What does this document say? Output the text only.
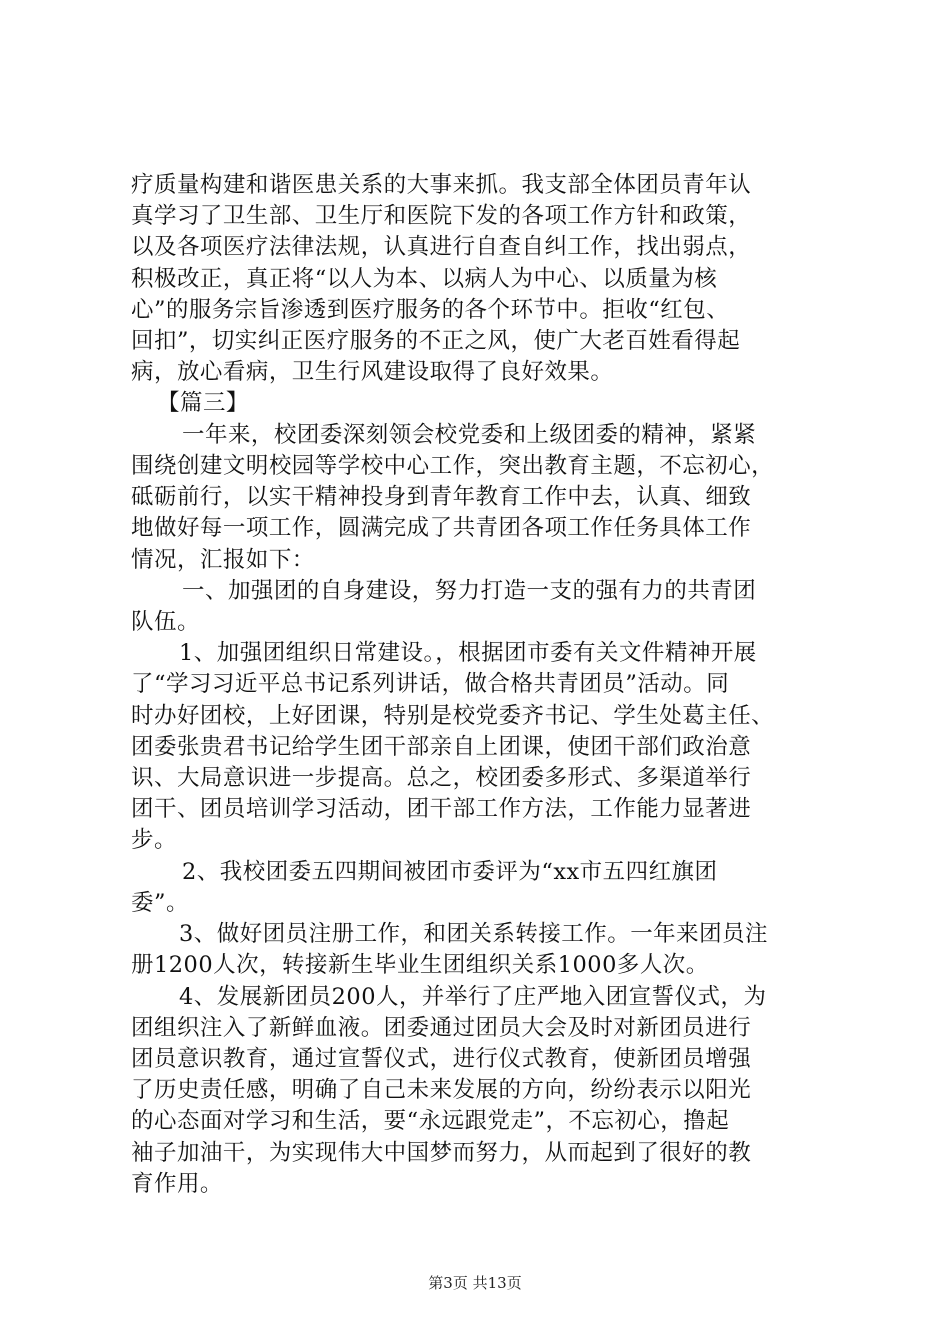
疗质量构建和谐医患关系的大事来抓。我支部全体团员青年认
真学习了卫生部、卫生厅和医院下发的各项工作方针和政策，
以及各项医疗法律法规，认真进行自查自纠工作，找出弱点，
积极改正，真正将“以人为本、以病人为中心、以质量为核
心”的服务宗旨渗透到医疗服务的各个环节中。拒收“红包、
回扣”，切实纠正医疗服务的不正之风，使广大老百姓看得起
病，放心看病，卫生行风建设取得了良好效果。
【篇三】
一年来，校团委深刻领会校党委和上级团委的精神，紧紧
围绕创建文明校园等学校中心工作，突出教育主题，不忘初心，
砥砺前行，以实干精神投身到青年教育工作中去，认真、细致
地做好每一项工作，圆满完成了共青团各项工作任务具体工作
情况，汇报如下：
一、加强团的自身建设，努力打造一支的强有力的共青团
队伍。
1、加强团组织日常建设。，根据团市委有关文件精神开展
了“学习习近平总书记系列讲话，做合格共青团员”活动。同
时办好团校，上好团课，特别是校党委齐书记、学生处葛主任、
团委张贵君书记给学生团干部亲自上团课，使团干部们政治意
识、大局意识进一步提高。总之，校团委多形式、多渠道举行
团干、团员培训学习活动，团干部工作方法，工作能力显著进
步。
2、我校团委五四期间被团市委评为“xx市五四红旗团
委”。
3、做好团员注册工作，和团关系转接工作。一年来团员注
册1200人次，转接新生毕业生团组织关系1000多人次。
4、发展新团员200人，并举行了庄严地入团宣誓仪式，为
团组织注入了新鲜血液。团委通过团员大会及时对新团员进行
团员意识教育，通过宣誓仪式，进行仪式教育，使新团员增强
了历史责任感，明确了自己未来发展的方向，纷纷表示以阳光
的心态面对学习和生活，要“永远跟党走”，不忘初心，撸起
袖子加油干，为实现伟大中国梦而努力，从而起到了很好的教
育作用。
第3页 共13页
